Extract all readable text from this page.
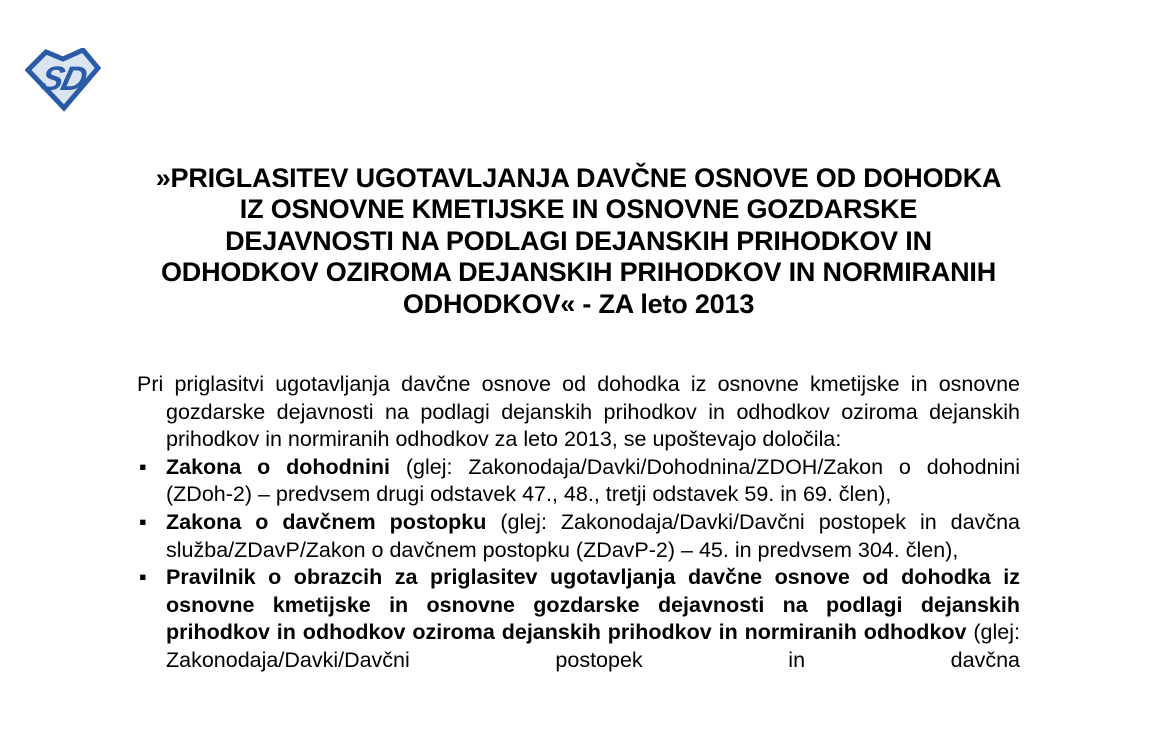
SD
»PRIGLASITEV UGOTAVLJANJA DAVČNE OSNOVE OD DOHODKA
IZ OSNOVNE KMETIJSKE IN OSNOVNE GOZDARSKE
DEJAVNOSTI NA PODLAGI DEJANSKIH PRIHODKOV IN
ODHODKOV OZIROMA DEJANSKIH PRIHODKOV IN NORMIRANIH
ODHODKOV« - ZA leto 2013
Pri priglasitvi ugotavljanja davčne osnove od dohodka iz osnovne kmetijske in osnovne gozdarske dejavnosti na podlagi dejanskih prihodkov in odhodkov oziroma dejanskih prihodkov in normiranih odhodkov za leto 2013, se upoštevajo določila:
▪ Zakona o dohodnini (glej: Zakonodaja/Davki/Dohodnina/ZDOH/Zakon o dohodnini (ZDoh-2) – predvsem drugi odstavek 47., 48., tretji odstavek 59. in 69. člen),
▪ Zakona o davčnem postopku (glej: Zakonodaja/Davki/Davčni postopek in davčna služba/ZDavP/Zakon o davčnem postopku (ZDavP-2) – 45. in predvsem 304. člen),
▪ Pravilnik o obrazcih za priglasitev ugotavljanja davčne osnove od dohodka iz osnovne kmetijske in osnovne gozdarske dejavnosti na podlagi dejanskih prihodkov in odhodkov oziroma dejanskih prihodkov in normiranih odhodkov (glej: Zakonodaja/Davki/Davčni postopek in davčna
